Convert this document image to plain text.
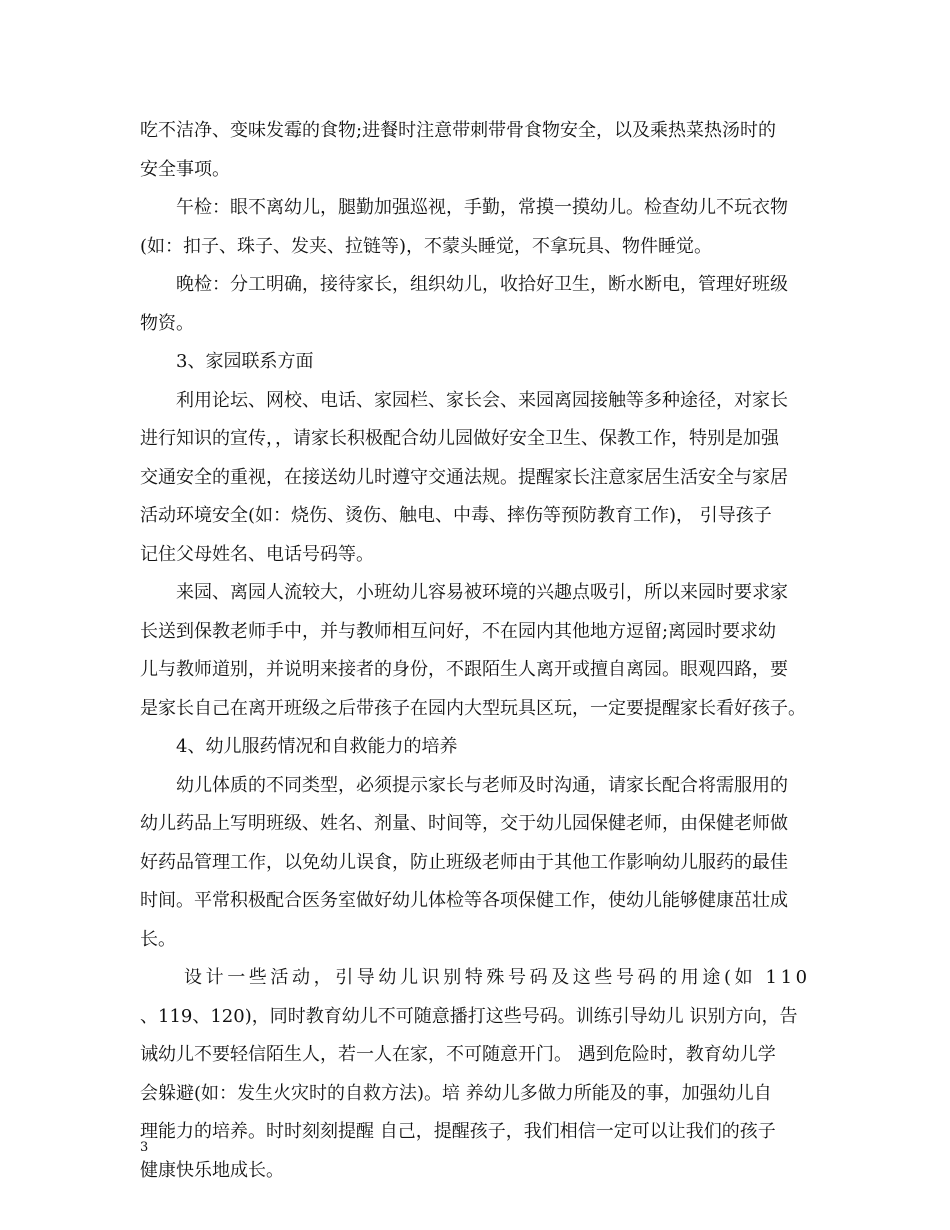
吃不洁净、变味发霉的食物;进餐时注意带刺带骨食物安全，以及乘热菜热汤时的
安全事项。
午检：眼不离幼儿，腿勤加强巡视，手勤，常摸一摸幼儿。检查幼儿不玩衣物
(如：扣子、珠子、发夹、拉链等)，不蒙头睡觉，不拿玩具、物件睡觉。
晚检：分工明确，接待家长，组织幼儿，收拾好卫生，断水断电，管理好班级
物资。
3、家园联系方面
利用论坛、网校、电话、家园栏、家长会、来园离园接触等多种途径，对家长
进行知识的宣传，，请家长积极配合幼儿园做好安全卫生、保教工作，特别是加强
交通安全的重视，在接送幼儿时遵守交通法规。提醒家长注意家居生活安全与家居
活动环境安全(如：烧伤、烫伤、触电、中毒、摔伤等预防教育工作)， 引导孩子
记住父母姓名、电话号码等。
来园、离园人流较大，小班幼儿容易被环境的兴趣点吸引，所以来园时要求家
长送到保教老师手中，并与教师相互问好，不在园内其他地方逗留;离园时要求幼
儿与教师道别，并说明来接者的身份，不跟陌生人离开或擅自离园。眼观四路，要
是家长自己在离开班级之后带孩子在园内大型玩具区玩，一定要提醒家长看好孩子。
4、幼儿服药情况和自救能力的培养
幼儿体质的不同类型，必须提示家长与老师及时沟通，请家长配合将需服用的
幼儿药品上写明班级、姓名、剂量、时间等，交于幼儿园保健老师，由保健老师做
好药品管理工作，以免幼儿误食，防止班级老师由于其他工作影响幼儿服药的最佳
时间。平常积极配合医务室做好幼儿体检等各项保健工作，使幼儿能够健康茁壮成
长。
设计一些活动，引导幼儿识别特殊号码及这些号码的用途(如 110
、119、120)，同时教育幼儿不可随意播打这些号码。训练引导幼儿 识别方向，告
诫幼儿不要轻信陌生人，若一人在家，不可随意开门。 遇到危险时，教育幼儿学
会躲避(如：发生火灾时的自救方法)。培 养幼儿多做力所能及的事，加强幼儿自
理能力的培养。时时刻刻提醒 自己，提醒孩子，我们相信一定可以让我们的孩子
健康快乐地成长。
3
